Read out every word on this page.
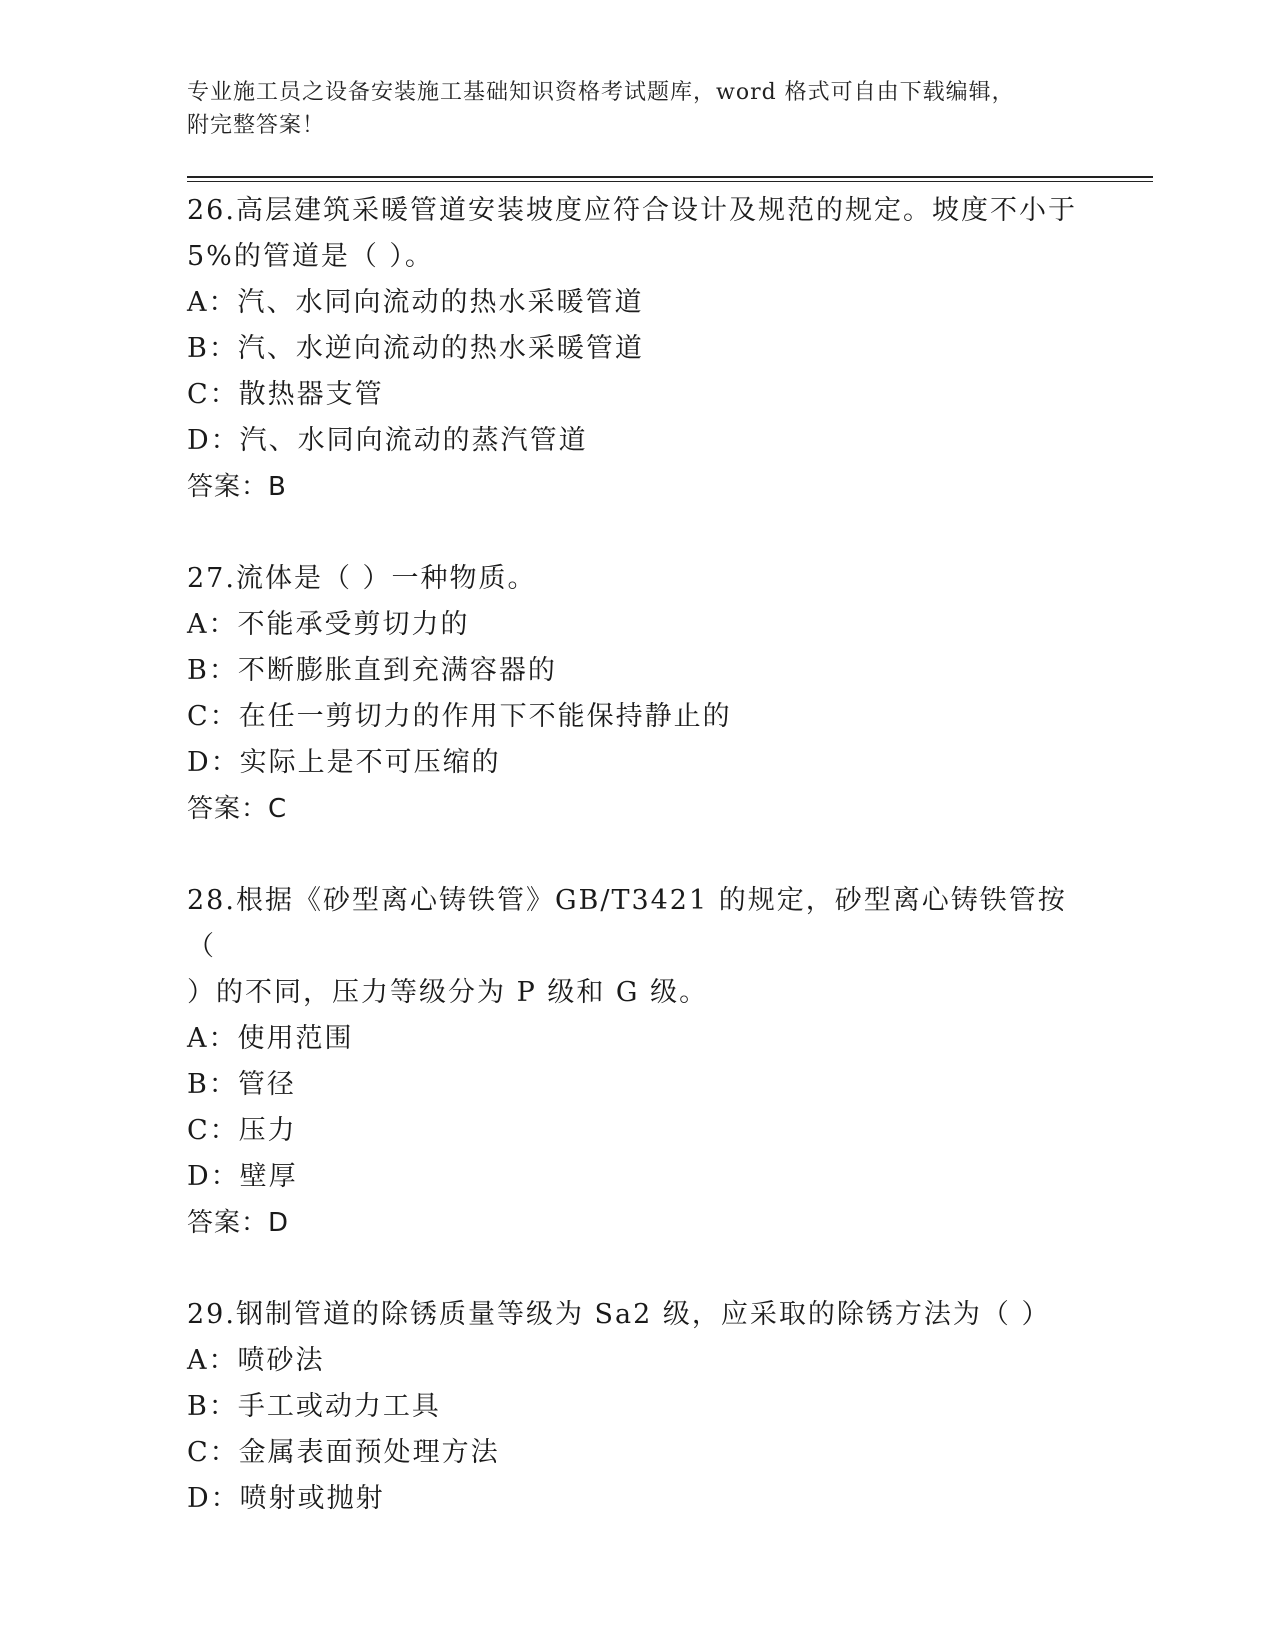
专业施工员之设备安装施工基础知识资格考试题库，word 格式可自由下载编辑，
附完整答案！

26.高层建筑采暖管道安装坡度应符合设计及规范的规定。坡度不小于

5%的管道是（ ）。

A：汽、水同向流动的热水采暖管道

B：汽、水逆向流动的热水采暖管道

C：散热器支管

D：汽、水同向流动的蒸汽管道

答案：B

27.流体是（ ）一种物质。

A：不能承受剪切力的

B：不断膨胀直到充满容器的

C：在任一剪切力的作用下不能保持静止的

D：实际上是不可压缩的

答案：C

28.根据《砂型离心铸铁管》GB/T3421 的规定，砂型离心铸铁管按（

）的不同，压力等级分为 P 级和 G 级。

A：使用范围

B：管径

C：压力

D：壁厚

答案：D

29.钢制管道的除锈质量等级为 Sa2 级，应采取的除锈方法为（ ）

A：喷砂法

B：手工或动力工具

C：金属表面预处理方法

D：喷射或抛射
